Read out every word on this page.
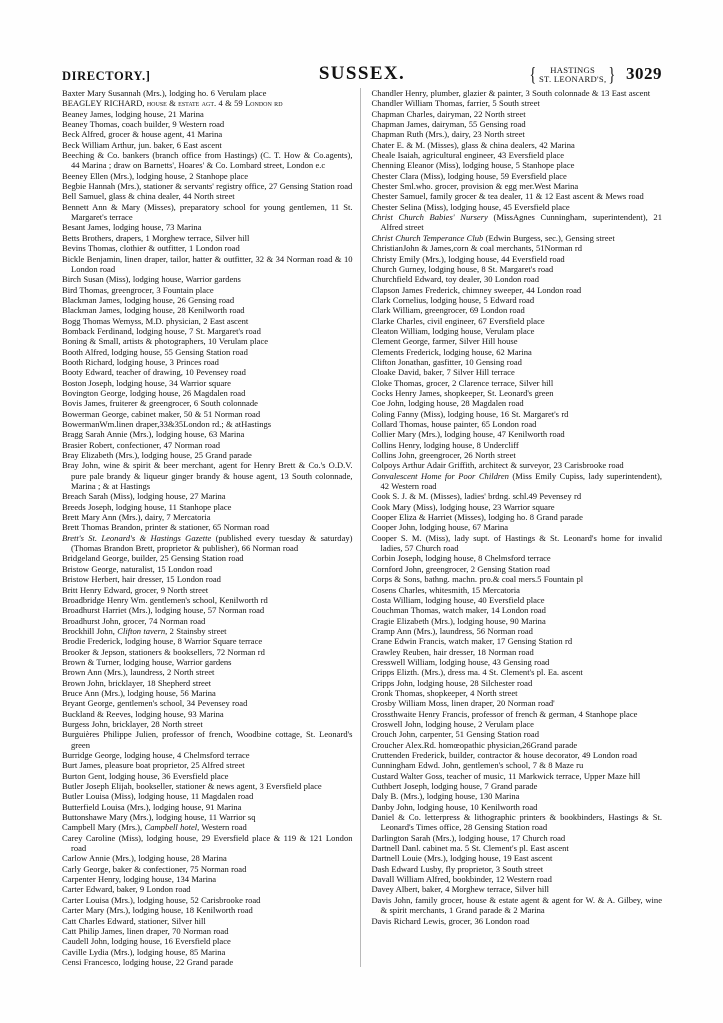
DIRECTORY.]	SUSSEX.	{	HASTINGS
ST. LEONARD'S, } 3029

Baxter Mary Susannah (Mrs.), lodging ho. 6 Verulam place

BEAGLEY RICHARD, house & estate agt. 4 & 59 London rd

Beaney James, lodging house, 21 Marina

Beaney Thomas, coach builder, 9 Western road

Beck Alfred, grocer & house agent, 41 Marina

Beck William Arthur, jun. baker, 6 East ascent

Beeching & Co. bankers (branch office from Hastings) (C. T. How & Co.agents), 44 Marina ; draw on Barnetts', Hoares' & Co. Lombard street, London e.c

Beeney Ellen (Mrs.), lodging house, 2 Stanhope place

Begbie Hannah (Mrs.), stationer & servants' registry office, 27 Gensing Station road

Bell Samuel, glass & china dealer, 44 North street

Bennett Ann & Mary (Misses), preparatory school for young gentlemen, 11 St. Margaret's terrace

Besant James, lodging house, 73 Marina

Betts Brothers, drapers, 1 Morghew terrace, Silver hill

Bevins Thomas, clothier & outfitter, 1 London road

Bickle Benjamin, linen draper, tailor, hatter & outfitter, 32 & 34 Norman road & 10 London road

Birch Susan (Miss), lodging house, Warrior gardens

Bird Thomas, greengrocer, 3 Fountain place

Blackman James, lodging house, 26 Gensing road

Blackman James, lodging house, 28 Kenilworth road

Bogg Thomas Wemyss, M.D. physician, 2 East ascent

Bomback Ferdinand, lodging house, 7 St. Margaret's road

Boning & Small, artists & photographers, 10 Verulam place

Booth Alfred, lodging house, 55 Gensing Station road

Booth Richard, lodging house, 3 Princes road

Booty Edward, teacher of drawing, 10 Pevensey road

Boston Joseph, lodging house, 34 Warrior square

Bovington George, lodging house, 26 Magdalen road

Bovis James, fruiterer & greengrocer, 6 South colonnade

Bowerman George, cabinet maker, 50 & 51 Norman road

BowermanWm.linen draper,33&35London rd.; & atHastings

Bragg Sarah Annie (Mrs.), lodging house, 63 Marina

Brasier Robert, confectioner, 47 Norman road

Bray Elizabeth (Mrs.), lodging house, 25 Grand parade

Bray John, wine & spirit & beer merchant, agent for Henry Brett & Co.'s O.D.V. pure pale brandy & liqueur ginger brandy & house agent, 13 South colonnade, Marina ; & at Hastings

Breach Sarah (Miss), lodging house, 27 Marina

Breeds Joseph, lodging house, 11 Stanhope place

Brett Mary Ann (Mrs.), dairy, 7 Mercatoria

Brett Thomas Brandon, printer & stationer, 65 Norman road

Brett's St. Leonard's & Hastings Gazette (published every tuesday & saturday) (Thomas Brandon Brett, proprietor & publisher), 66 Norman road

Bridgeland George, builder, 25 Gensing Station road

Bristow George, naturalist, 15 London road

Bristow Herbert, hair dresser, 15 London road

Britt Henry Edward, grocer, 9 North street

Broadbridge Henry Wm. gentlemen's school, Kenilworth rd

Broadhurst Harriet (Mrs.), lodging house, 57 Norman road

Broadhurst John, grocer, 74 Norman road

Brockhill John, Clifton tavern, 2 Stainsby street

Brodie Frederick, lodging house, 8 Warrior Square terrace

Brooker & Jepson, stationers & booksellers, 72 Norman rd

Brown & Turner, lodging house, Warrior gardens

Brown Ann (Mrs.), laundress, 2 North street

Brown John, bricklayer, 18 Shepherd street

Bruce Ann (Mrs.), lodging house, 56 Marina

Bryant George, gentlemen's school, 34 Pevensey road

Buckland & Reeves, lodging house, 93 Marina

Burgess John, bricklayer, 28 North street

Burguières Philippe Julien, professor of french, Woodbine cottage, St. Leonard's green

Burridge George, lodging house, 4 Chelmsford terrace

Burt James, pleasure boat proprietor, 25 Alfred street

Burton Gent, lodging house, 36 Eversfield place

Butler Joseph Elijah, bookseller, stationer & news agent, 3 Eversfield place

Butler Louisa (Miss), lodging house, 11 Magdalen road

Butterfield Louisa (Mrs.), lodging house, 91 Marina

Buttonshawe Mary (Mrs.), lodging house, 11 Warrior sq

Campbell Mary (Mrs.), Campbell hotel, Western road

Carey Caroline (Miss), lodging house, 29 Eversfield place & 119 & 121 London road

Carlow Annie (Mrs.), lodging house, 28 Marina

Carly George, baker & confectioner, 75 Norman road

Carpenter Henry, lodging house, 134 Marina

Carter Edward, baker, 9 London road

Carter Louisa (Mrs.), lodging house, 52 Carisbrooke road

Carter Mary (Mrs.), lodging house, 18 Kenilworth road

Catt Charles Edward, stationer, Silver hill

Catt Philip James, linen draper, 70 Norman road

Caudell John, lodging house, 16 Eversfield place

Caville Lydia (Mrs.), lodging house, 85 Marina

Censi Francesco, lodging house, 22 Grand parade

Chandler Henry, plumber, glazier & painter, 3 South colonnade & 13 East ascent

Chandler William Thomas, farrier, 5 South street

Chapman Charles, dairyman, 22 North street

Chapman James, dairyman, 55 Gensing road

Chapman Ruth (Mrs.), dairy, 23 North street

Chater E. & M. (Misses), glass & china dealers, 42 Marina

Cheale Isaiah, agricultural engineer, 43 Eversfield place

Chenning Eleanor (Miss), lodging house, 5 Stanhope place

Chester Clara (Miss), lodging house, 59 Eversfield place

Chester Sml.who. grocer, provision & egg mer.West Marina

Chester Samuel, family grocer & tea dealer, 11 & 12 East ascent & Mews road

Chester Selina (Miss), lodging house, 45 Eversfield place

Christ Church Babies' Nursery (MissAgnes Cunningham, superintendent), 21 Alfred street

Christ Church Temperance Club (Edwin Burgess, sec.), Gensing street

ChristianJohn & James,corn & coal merchants, 51Norman rd

Christy Emily (Mrs.), lodging house, 44 Eversfield road

Church Gurney, lodging house, 8 St. Margaret's road

Churchfield Edward, toy dealer, 30 London road

Clapson James Frederick, chimney sweeper, 44 London road

Clark Cornelius, lodging house, 5 Edward road

Clark William, greengrocer, 69 London road

Clarke Charles, civil engineer, 67 Eversfield place

Cleaton William, lodging house, Verulam place

Clement George, farmer, Silver Hill house

Clements Frederick, lodging house, 62 Marina

Clifton Jonathan, gasfitter, 10 Gensing road

Cloake David, baker, 7 Silver Hill terrace

Cloke Thomas, grocer, 2 Clarence terrace, Silver hill

Cocks Henry James, shopkeeper, St. Leonard's green

Coe John, lodging house, 28 Magdalen road

Coling Fanny (Miss), lodging house, 16 St. Margaret's rd

Collard Thomas, house painter, 65 London road

Collier Mary (Mrs.), lodging house, 47 Kenilworth road

Collins Henry, lodging house, 8 Undercliff

Collins John, greengrocer, 26 North street

Colpoys Arthur Adair Griffith, architect & surveyor, 23 Carisbrooke road

Convalescent Home for Poor Children (Miss Emily Cupiss, lady superintendent), 42 Western road

Cook S. J. & M. (Misses), ladies' brdng. schl.49 Pevensey rd

Cook Mary (Miss), lodging house, 23 Warrior square

Cooper Eliza & Harriet (Misses), lodging ho. 8 Grand parade

Cooper John, lodging house, 67 Marina

Cooper S. M. (Miss), lady supt. of Hastings & St. Leonard's home for invalid ladies, 57 Church road

Corbin Joseph, lodging house, 8 Chelmsford terrace

Cornford John, greengrocer, 2 Gensing Station road

Corps & Sons, bathng. machn. pro.& coal mers.5 Fountain pl

Cosens Charles, whitesmith, 15 Mercatoria

Costa William, lodging house, 40 Eversfield place

Couchman Thomas, watch maker, 14 London road

Cragie Elizabeth (Mrs.), lodging house, 90 Marina

Cramp Ann (Mrs.), laundress, 56 Norman road

Crane Edwin Francis, watch maker, 17 Gensing Station rd

Crawley Reuben, hair dresser, 18 Norman road

Cresswell William, lodging house, 43 Gensing road

Cripps Elizth. (Mrs.), dress ma. 4 St. Clement's pl. Ea. ascent

Cripps John, lodging house, 28 Silchester road

Cronk Thomas, shopkeeper, 4 North street

Crosby William Moss, linen draper, 20 Norman road'

Crossthwaite Henry Francis, professor of french & german, 4 Stanhope place

Croswell John, lodging house, 2 Verulam place

Crouch John, carpenter, 51 Gensing Station road

Croucher Alex.Rd. homœopathic physician,26Grand parade

Cruttenden Frederick, builder, contractor & house decorator, 49 London road

Cunningham Edwd. John, gentlemen's school, 7 & 8 Maze ru

Custard Walter Goss, teacher of music, 11 Markwick terrace, Upper Maze hill

Cuthbert Joseph, lodging house, 7 Grand parade

Daly B. (Mrs.), lodging house, 130 Marina

Danby John, lodging house, 10 Kenilworth road

Daniel & Co. letterpress & lithographic printers & bookbinders, Hastings & St. Leonard's Times office, 28 Gensing Station road

Darlington Sarah (Mrs.), lodging house, 17 Church road

Dartnell Danl. cabinet ma. 5 St. Clement's pl. East ascent

Dartnell Louie (Mrs.), lodging house, 19 East ascent

Dash Edward Lusby, fly proprietor, 3 South street

Davall William Alfred, bookbinder, 12 Western road

Davey Albert, baker, 4 Morghew terrace, Silver hill

Davis John, family grocer, house & estate agent & agent for W. & A. Gilbey, wine & spirit merchants, 1 Grand parade & 2 Marina

Davis Richard Lewis, grocer, 36 London road
